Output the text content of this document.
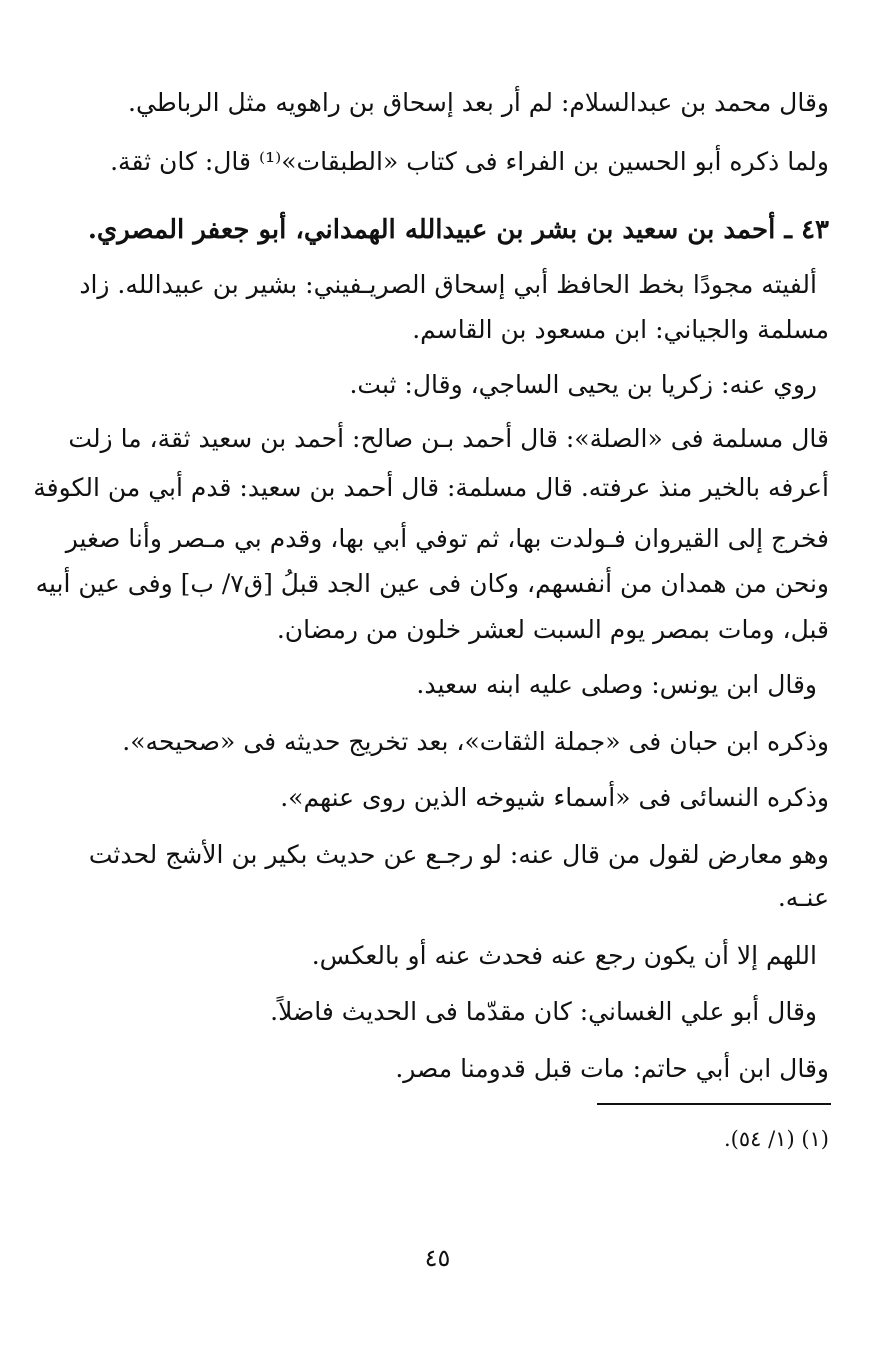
وقال محمد بن عبدالسلام: لم أر بعد إسحاق بن راهويه مثل الرباطي.
ولما ذكره أبو الحسين بن الفراء فى كتاب «الطبقات»⁽¹⁾ قال: كان ثقة.
٤٣ ـ أحمد بن سعيد بن بشر بن عبيدالله الهمداني، أبو جعفر المصري.
ألفيته مجودًا بخط الحافظ أبي إسحاق الصريـفيني: بشير بن عبيدالله. زاد
مسلمة والجياني: ابن مسعود بن القاسم.
روي عنه: زكريا بن يحيى الساجي، وقال: ثبت.
قال مسلمة فى «الصلة»: قال أحمد بـن صالح: أحمد بن سعيد ثقة، ما زلت
أعرفه بالخير منذ عرفته. قال مسلمة: قال أحمد بن سعيد: قدم أبي من الكوفة
فخرج إلى القيروان فـولدت بها، ثم توفي أبي بها، وقدم بي مـصر وأنا صغير
ونحن من همدان من أنفسهم، وكان فى عين الجد قبلُ [ق٧/ ب] وفى عين أبيه
قبل، ومات بمصر يوم السبت لعشر خلون من رمضان.
وقال ابن يونس: وصلى عليه ابنه سعيد.
وذكره ابن حبان فى «جملة الثقات»، بعد تخريج حديثه فى «صحيحه».
وذكره النسائى فى «أسماء شيوخه الذين روى عنهم».
وهو معارض لقول من قال عنه: لو رجـع عن حديث بكير بن الأشج لحدثت
عنـه.
اللهم إلا أن يكون رجع عنه فحدث عنه أو بالعكس.
وقال أبو علي الغساني: كان مقدّما فى الحديث فاضلاً.
وقال ابن أبي حاتم: مات قبل قدومنا مصر.
(١) (١/ ٥٤).
٤٥
